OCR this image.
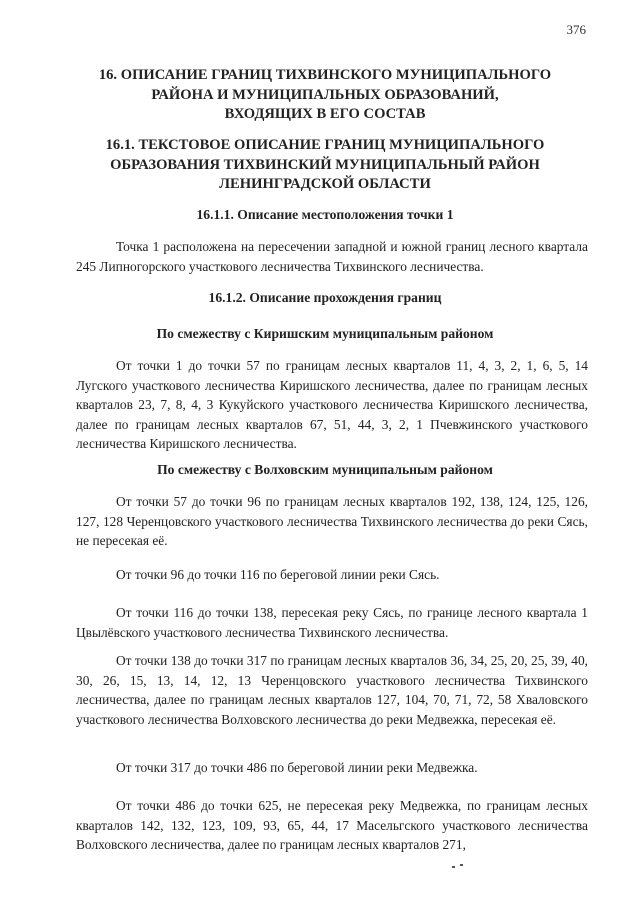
376
16. ОПИСАНИЕ ГРАНИЦ ТИХВИНСКОГО МУНИЦИПАЛЬНОГО
РАЙОНА И МУНИЦИПАЛЬНЫХ ОБРАЗОВАНИЙ,
ВХОДЯЩИХ В ЕГО СОСТАВ
16.1. ТЕКСТОВОЕ ОПИСАНИЕ ГРАНИЦ МУНИЦИПАЛЬНОГО
ОБРАЗОВАНИЯ ТИХВИНСКИЙ МУНИЦИПАЛЬНЫЙ РАЙОН
ЛЕНИНГРАДСКОЙ ОБЛАСТИ
16.1.1. Описание местоположения точки 1

Точка 1 расположена на пересечении западной и южной границ лесного квартала 245 Липногорского участкового лесничества Тихвинского лесничества.

16.1.2. Описание прохождения границ
По смежеству с Киришским муниципальным районом

От точки 1 до точки 57 по границам лесных кварталов 11, 4, 3, 2, 1, 6, 5, 14 Лугского участкового лесничества Киришского лесничества, далее по границам лесных кварталов 23, 7, 8, 4, 3 Кукуйского участкового лесничества Киришского лесничества, далее по границам лесных кварталов 67, 51, 44, 3, 2, 1 Пчевжинского участкового лесничества Киришского лесничества.

По смежеству с Волховским муниципальным районом

От точки 57 до точки 96 по границам лесных кварталов 192, 138, 124, 125, 126, 127, 128 Черенцовского участкового лесничества Тихвинского лесничества до реки Сясь, не пересекая её.

От точки 96 до точки 116 по береговой линии реки Сясь.

От точки 116 до точки 138, пересекая реку Сясь, по границе лесного квартала 1 Цвылёвского участкового лесничества Тихвинского лесничества.

От точки 138 до точки 317 по границам лесных кварталов 36, 34, 25, 20, 25, 39, 40, 30, 26, 15, 13, 14, 12, 13 Черенцовского участкового лесничества Тихвинского лесничества, далее по границам лесных кварталов 127, 104, 70, 71, 72, 58 Хваловского участкового лесничества Волховского лесничества до реки Медвежка, пересекая её.

От точки 317 до точки 486 по береговой линии реки Медвежка.

От точки 486 до точки 625, не пересекая реку Медвежка, по границам лесных кварталов 142, 132, 123, 109, 93, 65, 44, 17 Масельгского участкового лесничества Волховского лесничества, далее по границам лесных кварталов 271,
